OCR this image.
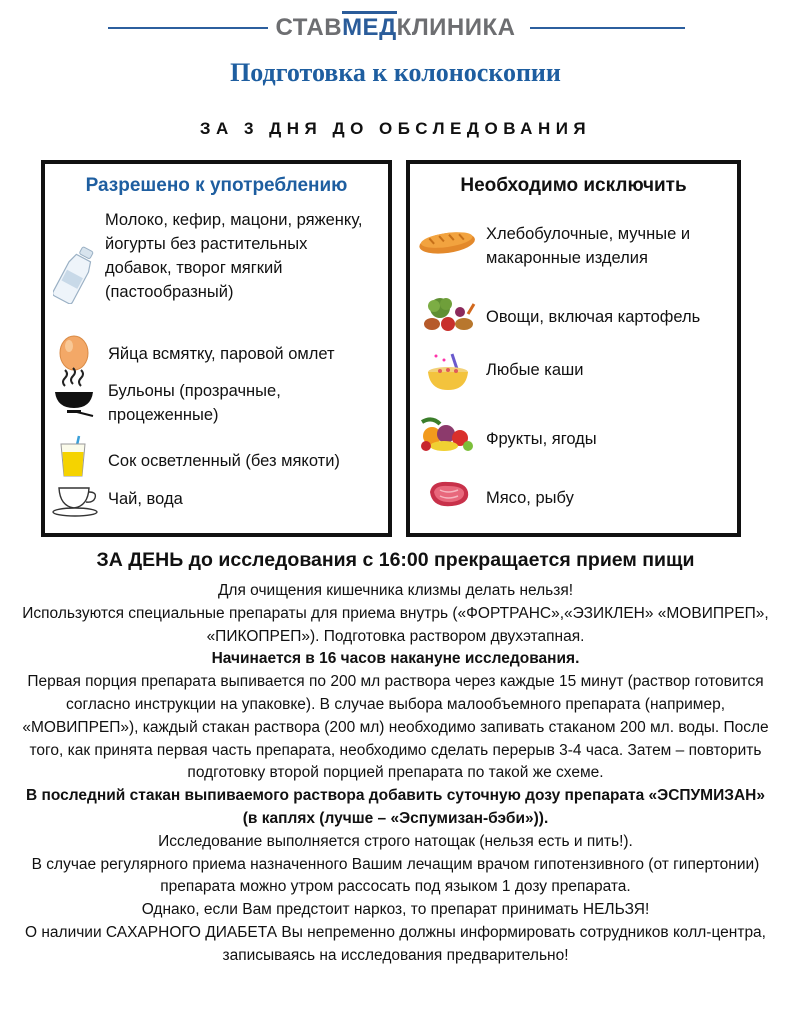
СТАВМЕДКЛИНИКА
Подготовка к колоноскопии
ЗА 3 ДНЯ ДО ОБСЛЕДОВАНИЯ
Разрешено к употреблению
Молоко, кефир, мацони, ряженку, йогурты без растительных добавок, творог мягкий (пастообразный)
Яйца всмятку, паровой омлет
Бульоны (прозрачные, процеженные)
Сок осветленный (без мякоти)
Чай, вода
Необходимо исключить
Хлебобулочные, мучные и макаронные изделия
Овощи, включая картофель
Любые каши
Фрукты, ягоды
Мясо, рыбу
ЗА ДЕНЬ до исследования с 16:00 прекращается прием пищи

Для очищения кишечника клизмы делать нельзя!

Используются специальные препараты для приема внутрь («ФОРТРАНС»,«ЭЗИКЛЕН» «МОВИПРЕП», «ПИКОПРЕП»). Подготовка раствором двухэтапная.

Начинается в 16 часов накануне исследования.

Первая порция препарата выпивается по 200 мл раствора через каждые 15 минут (раствор готовится согласно инструкции на упаковке). В случае выбора малообъемного препарата (например, «МОВИПРЕП»), каждый стакан раствора (200 мл) необходимо запивать стаканом 200 мл. воды. После того, как принята первая часть препарата, необходимо сделать перерыв 3-4 часа. Затем – повторить подготовку второй порцией препарата по такой же схеме.

В последний стакан выпиваемого раствора добавить суточную дозу препарата «ЭСПУМИЗАН» (в каплях (лучше – «Эспумизан-бэби»)).

Исследование выполняется строго натощак (нельзя есть и пить!).

В случае регулярного приема назначенного Вашим лечащим врачом гипотензивного (от гипертонии) препарата можно утром рассосать под языком 1 дозу препарата.

Однако, если Вам предстоит наркоз, то препарат принимать НЕЛЬЗЯ!

О наличии САХАРНОГО ДИАБЕТА Вы непременно должны информировать сотрудников колл-центра, записываясь на исследования предварительно!
